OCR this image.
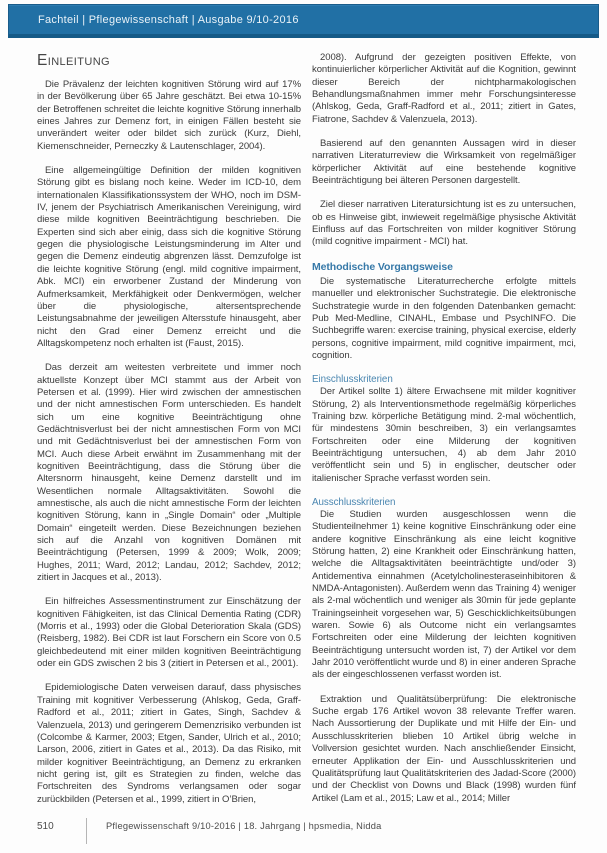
Fachteil | Pflegewissenschaft | Ausgabe 9/10-2016
Einleitung

Die Prävalenz der leichten kognitiven Störung wird auf 17% in der Bevölkerung über 65 Jahre geschätzt. Bei etwa 10-15% der Betroffenen schreitet die leichte kognitive Störung innerhalb eines Jahres zur Demenz fort, in einigen Fällen besteht sie unverändert weiter oder bildet sich zurück (Kurz, Diehl, Kiemenschneider, Perneczky & Lautenschlager, 2004).

Eine allgemeingültige Definition der milden kognitiven Störung gibt es bislang noch keine. Weder im ICD-10, dem internationalen Klassifikationssystem der WHO, noch im DSM-IV, jenem der Psychiatrisch Amerikanischen Vereinigung, wird diese milde kognitiven Beeinträchtigung beschrieben. Die Experten sind sich aber einig, dass sich die kognitive Störung gegen die physiologische Leistungsminderung im Alter und gegen die Demenz eindeutig abgrenzen lässt. Demzufolge ist die leichte kognitive Störung (engl. mild cognitive impairment, Abk. MCI) ein erworbener Zustand der Minderung von Aufmerksamkeit, Merkfähigkeit oder Denkvermögen, welcher über die physiologische, altersentsprechende Leistungsabnahme der jeweiligen Altersstufe hinausgeht, aber nicht den Grad einer Demenz erreicht und die Alltagskompetenz noch erhalten ist (Faust, 2015).

Das derzeit am weitesten verbreitete und immer noch aktuellste Konzept über MCI stammt aus der Arbeit von Petersen et al. (1999). Hier wird zwischen der amnestischen und der nicht amnestischen Form unterschieden. Es handelt sich um eine kognitive Beeinträchtigung ohne Gedächtnisverlust bei der nicht amnestischen Form von MCI und mit Gedächtnisverlust bei der amnestischen Form von MCI. Auch diese Arbeit erwähnt im Zusammenhang mit der kognitiven Beeinträchtigung, dass die Störung über die Altersnorm hinausgeht, keine Demenz darstellt und im Wesentlichen normale Alltagsaktivitäten. Sowohl die amnestische, als auch die nicht amnestische Form der leichten kognitiven Störung, kann in „Single Domain“ oder „Multiple Domain“ eingeteilt werden. Diese Bezeichnungen beziehen sich auf die Anzahl von kognitiven Domänen mit Beeinträchtigung (Petersen, 1999 & 2009; Wolk, 2009; Hughes, 2011; Ward, 2012; Landau, 2012; Sachdev, 2012; zitiert in Jacques et al., 2013).

Ein hilfreiches Assessmentinstrument zur Einschätzung der kognitiven Fähigkeiten, ist das Clinical Dementia Rating (CDR) (Morris et al., 1993) oder die Global Deterioration Skala (GDS) (Reisberg, 1982). Bei CDR ist laut Forschern ein Score von 0.5 gleichbedeutend mit einer milden kognitiven Beeinträchtigung oder ein GDS zwischen 2 bis 3 (zitiert in Petersen et al., 2001).

Epidemiologische Daten verweisen darauf, dass physisches Training mit kognitiver Verbesserung (Ahlskog, Geda, Graff-Radford et al., 2011; zitiert in Gates, Singh, Sachdev & Valenzuela, 2013) und geringerem Demenzrisiko verbunden ist (Colcombe & Karmer, 2003; Etgen, Sander, Ulrich et al., 2010; Larson, 2006, zitiert in Gates et al., 2013). Da das Risiko, mit milder kognitiver Beeinträchtigung, an Demenz zu erkranken nicht gering ist, gilt es Strategien zu finden, welche das Fortschreiten des Syndroms verlangsamen oder sogar zurückbilden (Petersen et al., 1999, zitiert in O’Brien,

2008). Aufgrund der gezeigten positiven Effekte, von kontinuierlicher körperlicher Aktivität auf die Kognition, gewinnt dieser Bereich der nichtpharmakologischen Behandlungsmaßnahmen immer mehr Forschungsinteresse (Ahlskog, Geda, Graff-Radford et al., 2011; zitiert in Gates, Fiatrone, Sachdev & Valenzuela, 2013).

Basierend auf den genannten Aussagen wird in dieser narrativen Literaturreview die Wirksamkeit von regelmäßiger körperlicher Aktivität auf eine bestehende kognitive Beeinträchtigung bei älteren Personen dargestellt.

Ziel dieser narrativen Literatursichtung ist es zu untersuchen, ob es Hinweise gibt, inwieweit regelmäßige physische Aktivität Einfluss auf das Fortschreiten von milder kognitiver Störung (mild cognitive impairment - MCI) hat.

Methodische Vorgangsweise

Die systematische Literaturrecherche erfolgte mittels manueller und elektronischer Suchstrategie. Die elektronische Suchstrategie wurde in den folgenden Datenbanken gemacht: Pub Med-Medline, CINAHL, Embase und PsychINFO. Die Suchbegriffe waren: exercise training, physical exercise, elderly persons, cognitive impairment, mild cognitive impairment, mci, cognition.

Einschlusskriterien

Der Artikel sollte 1) ältere Erwachsene mit milder kognitiver Störung, 2) als Interventionsmethode regelmäßig körperliches Training bzw. körperliche Betätigung mind. 2-mal wöchentlich, für mindestens 30min beschreiben, 3) ein verlangsamtes Fortschreiten oder eine Milderung der kognitiven Beeinträchtigung untersuchen, 4) ab dem Jahr 2010 veröffentlicht sein und 5) in englischer, deutscher oder italienischer Sprache verfasst worden sein.

Ausschlusskriterien

Die Studien wurden ausgeschlossen wenn die Studienteilnehmer 1) keine kognitive Einschränkung oder eine andere kognitive Einschränkung als eine leicht kognitive Störung hatten, 2) eine Krankheit oder Einschränkung hatten, welche die Alltagsaktivitäten beeinträchtigte und/oder 3) Antidementiva einnahmen (Acetylcholinesteraseinhibitoren & NMDA-Antagonisten). Außerdem wenn das Training 4) weniger als 2-mal wöchentlich und weniger als 30min für jede geplante Trainingseinheit vorgesehen war, 5) Geschicklichkeitsübungen waren. Sowie 6) als Outcome nicht ein verlangsamtes Fortschreiten oder eine Milderung der leichten kognitiven Beeinträchtigung untersucht worden ist, 7) der Artikel vor dem Jahr 2010 veröffentlicht wurde und 8) in einer anderen Sprache als der eingeschlossenen verfasst worden ist.

Extraktion und Qualitätsüberprüfung: Die elektronische Suche ergab 176 Artikel wovon 38 relevante Treffer waren. Nach Aussortierung der Duplikate und mit Hilfe der Ein- und Ausschlusskriterien blieben 10 Artikel übrig welche in Vollversion gesichtet wurden. Nach anschließender Einsicht, erneuter Applikation der Ein- und Ausschlusskriterien und Qualitätsprüfung laut Qualitätskriterien des Jadad-Score (2000) und der Checklist von Downs und Black (1998) wurden fünf Artikel (Lam et al., 2015; Law et al., 2014; Miller

510	Pflegewissenschaft 9/10-2016 | 18. Jahrgang | hpsmedia, Nidda
